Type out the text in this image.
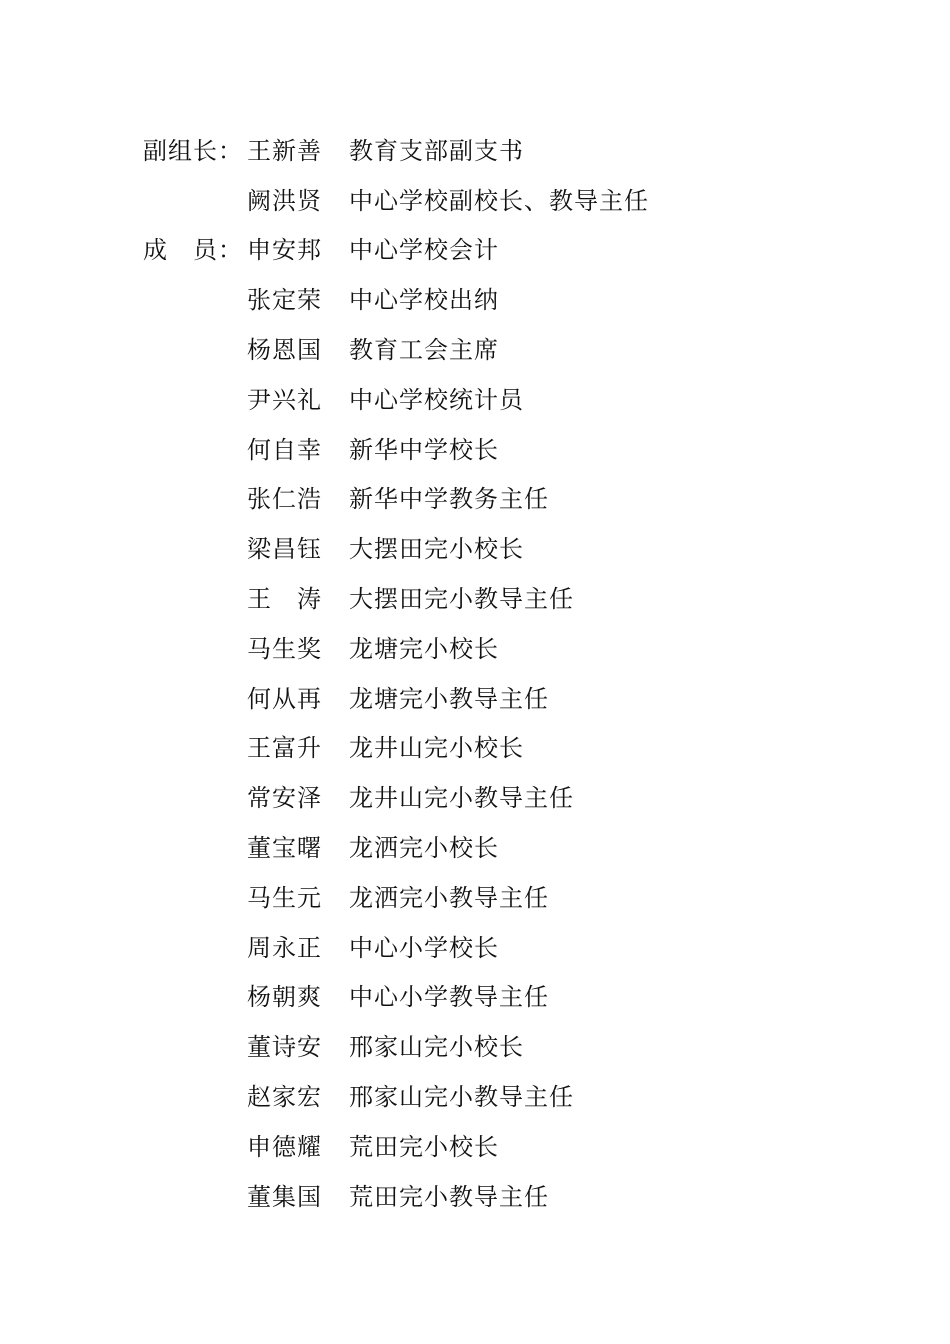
副组长： 王新善	教育支部副支书
阙洪贤	中心学校副校长、教导主任
成　员： 申安邦	中心学校会计
张定荣	中心学校出纳
杨恩国	教育工会主席
尹兴礼	中心学校统计员
何自幸	新华中学校长
张仁浩	新华中学教务主任
梁昌钰	大摆田完小校长
王　涛	大摆田完小教导主任
马生奖	龙塘完小校长
何从再	龙塘完小教导主任
王富升	龙井山完小校长
常安泽	龙井山完小教导主任
董宝曙	龙洒完小校长
马生元	龙洒完小教导主任
周永正	中心小学校长
杨朝爽	中心小学教导主任
董诗安	邢家山完小校长
赵家宏	邢家山完小教导主任
申德耀	荒田完小校长
董集国	荒田完小教导主任
